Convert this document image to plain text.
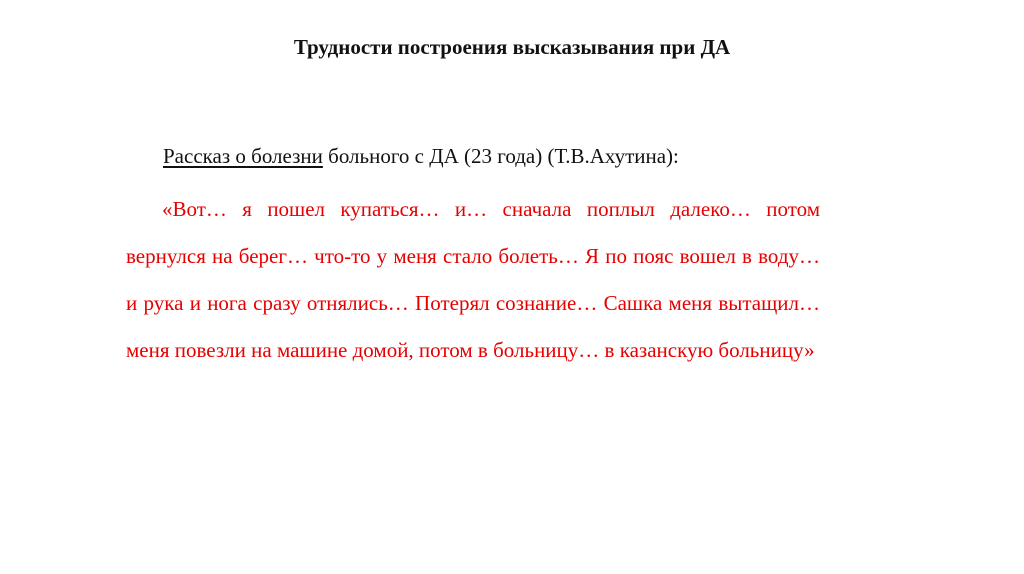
Трудности построения высказывания при ДА
Рассказ о болезни больного с ДА (23 года) (Т.В.Ахутина):
«Вот… я пошел купаться… и… сначала поплыл далеко… потом вернулся на берег… что-то у меня стало болеть… Я по пояс вошел в воду… и рука и нога сразу отнялись… Потерял сознание… Сашка меня вытащил… меня повезли на машине домой, потом в больницу… в казанскую больницу»
